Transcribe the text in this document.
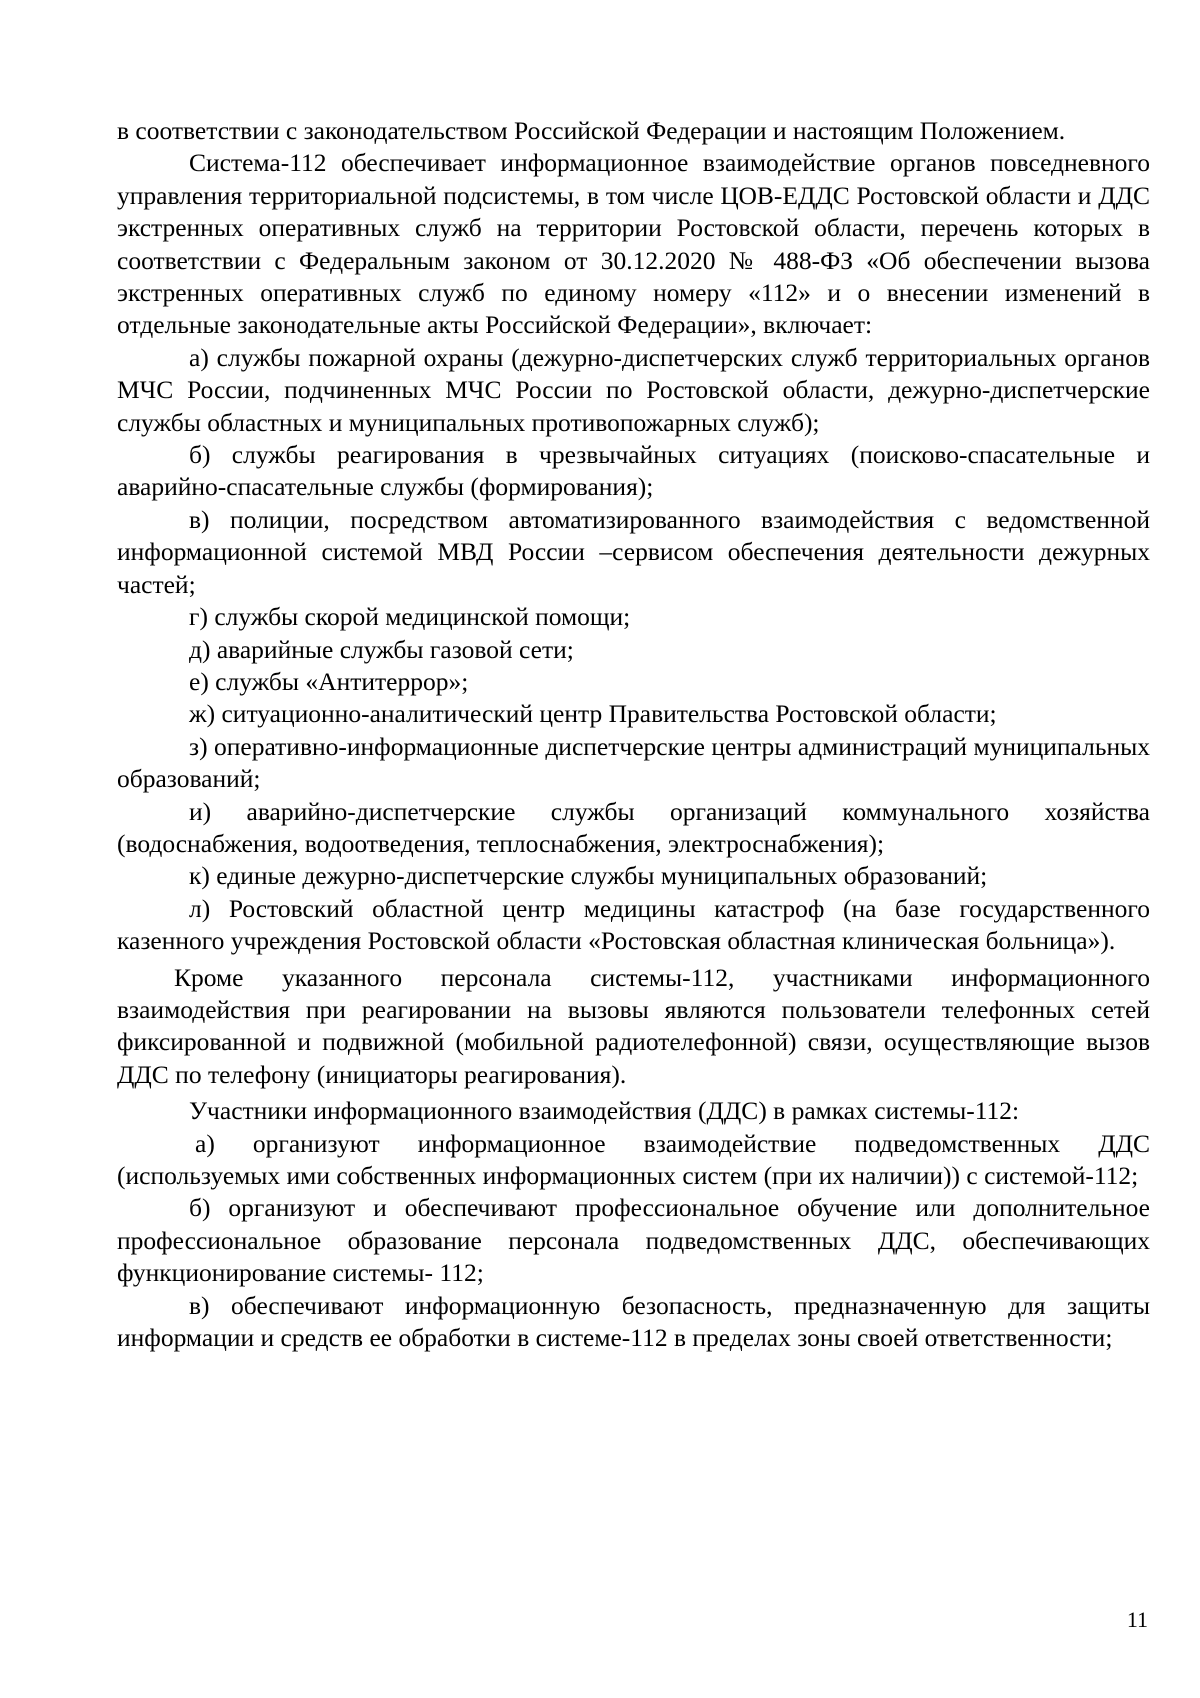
в соответствии с законодательством Российской Федерации и настоящим Положением.

Система-112 обеспечивает информационное взаимодействие органов повседневного управления территориальной подсистемы, в том числе ЦОВ-ЕДДС Ростовской области и ДДС экстренных оперативных служб на территории Ростовской области, перечень которых в соответствии с Федеральным законом от 30.12.2020 № 488-ФЗ «Об обеспечении вызова экстренных оперативных служб по единому номеру «112» и о внесении изменений в отдельные законодательные акты Российской Федерации», включает:

а) службы пожарной охраны (дежурно-диспетчерских служб территориальных органов МЧС России, подчиненных МЧС России по Ростовской области, дежурно-диспетчерские службы областных и муниципальных противопожарных служб);

б) службы реагирования в чрезвычайных ситуациях (поисково-спасательные и аварийно-спасательные службы (формирования);

в) полиции, посредством автоматизированного взаимодействия с ведомственной информационной системой МВД России –сервисом обеспечения деятельности дежурных частей;

г) службы скорой медицинской помощи;

д) аварийные службы газовой сети;

е) службы «Антитеррор»;

ж) ситуационно-аналитический центр Правительства Ростовской области;

з) оперативно-информационные диспетчерские центры администраций муниципальных образований;

и) аварийно-диспетчерские службы организаций коммунального хозяйства (водоснабжения, водоотведения, теплоснабжения, электроснабжения);

к) единые дежурно-диспетчерские службы муниципальных образований;

л) Ростовский областной центр медицины катастроф (на базе государственного казенного учреждения Ростовской области «Ростовская областная клиническая больница»).

Кроме указанного персонала системы-112, участниками информационного взаимодействия при реагировании на вызовы являются пользователи телефонных сетей фиксированной и подвижной (мобильной радиотелефонной) связи, осуществляющие вызов ДДС по телефону (инициаторы реагирования).

Участники информационного взаимодействия (ДДС) в рамках системы-112:

а) организуют информационное взаимодействие подведомственных ДДС (используемых ими собственных информационных систем (при их наличии)) с системой-112;

б) организуют и обеспечивают профессиональное обучение или дополнительное профессиональное образование персонала подведомственных ДДС, обеспечивающих функционирование системы- 112;

в) обеспечивают информационную безопасность, предназначенную для защиты информации и средств ее обработки в системе-112 в пределах зоны своей ответственности;

11
